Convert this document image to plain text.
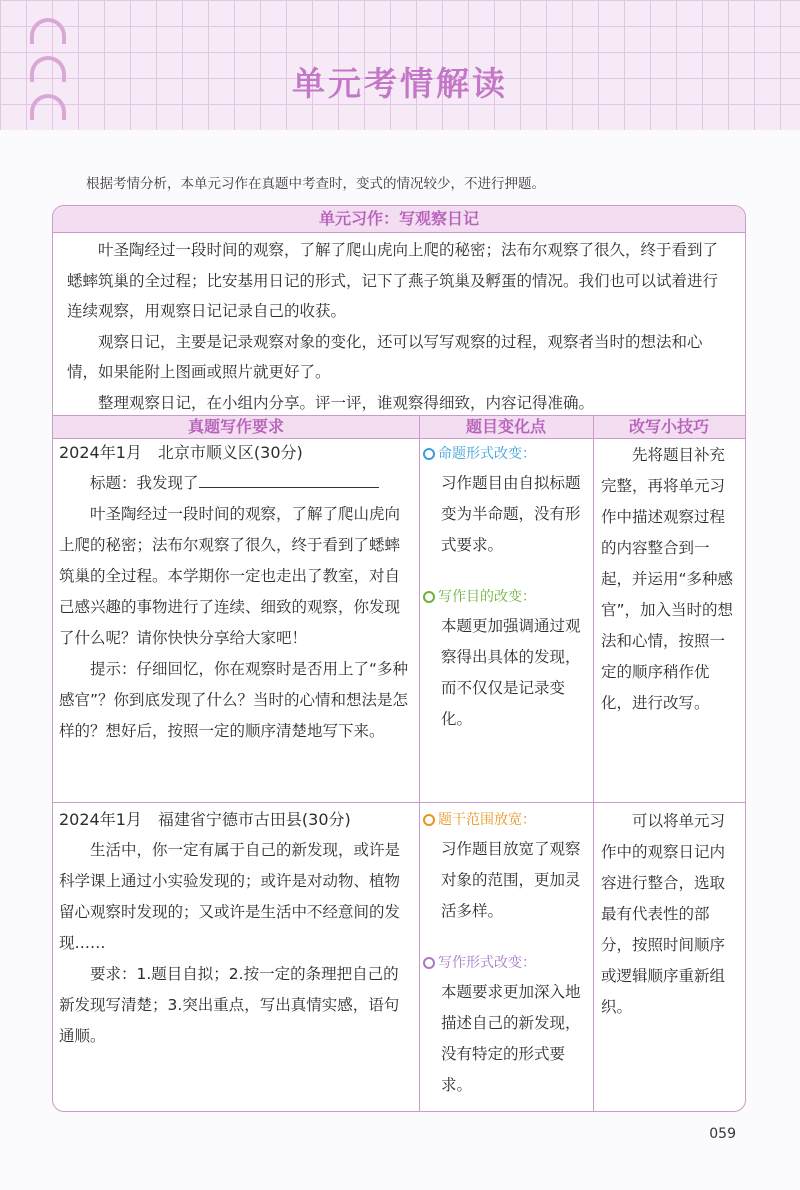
单元考情解读
根据考情分析，本单元习作在真题中考查时，变式的情况较少，不进行押题。
单元习作：写观察日记

叶圣陶经过一段时间的观察，了解了爬山虎向上爬的秘密；法布尔观察了很久，终于看到了蟋蟀筑巢的全过程；比安基用日记的形式，记下了燕子筑巢及孵蛋的情况。我们也可以试着进行连续观察，用观察日记记录自己的收获。

观察日记，主要是记录观察对象的变化，还可以写写观察的过程，观察者当时的想法和心情，如果能附上图画或照片就更好了。

整理观察日记，在小组内分享。评一评，谁观察得细致，内容记得准确。

真题写作要求	题目变化点	改写小技巧

2024年1月　北京市顺义区(30分)

标题：我发现了

叶圣陶经过一段时间的观察，了解了爬山虎向上爬的秘密；法布尔观察了很久，终于看到了蟋蟀筑巢的全过程。本学期你一定也走出了教室，对自己感兴趣的事物进行了连续、细致的观察，你发现了什么呢？请你快快分享给大家吧！

提示：仔细回忆，你在观察时是否用上了“多种感官”？你到底发现了什么？当时的心情和想法是怎样的？想好后，按照一定的顺序清楚地写下来。

命题形式改变：
习作题目由自拟标题变为半命题，没有形式要求。
写作目的改变：
本题更加强调通过观察得出具体的发现，而不仅仅是记录变化。

先将题目补充完整，再将单元习作中描述观察过程的内容整合到一起，并运用“多种感官”，加入当时的想法和心情，按照一定的顺序稍作优化，进行改写。

2024年1月　福建省宁德市古田县(30分)

生活中，你一定有属于自己的新发现，或许是科学课上通过小实验发现的；或许是对动物、植物留心观察时发现的；又或许是生活中不经意间的发现……

要求：1.题目自拟；2.按一定的条理把自己的新发现写清楚；3.突出重点，写出真情实感，语句通顺。

题干范围放宽：
习作题目放宽了观察对象的范围，更加灵活多样。
写作形式改变：
本题要求更加深入地描述自己的新发现，没有特定的形式要求。

可以将单元习作中的观察日记内容进行整合，选取最有代表性的部分，按照时间顺序或逻辑顺序重新组织。

059
